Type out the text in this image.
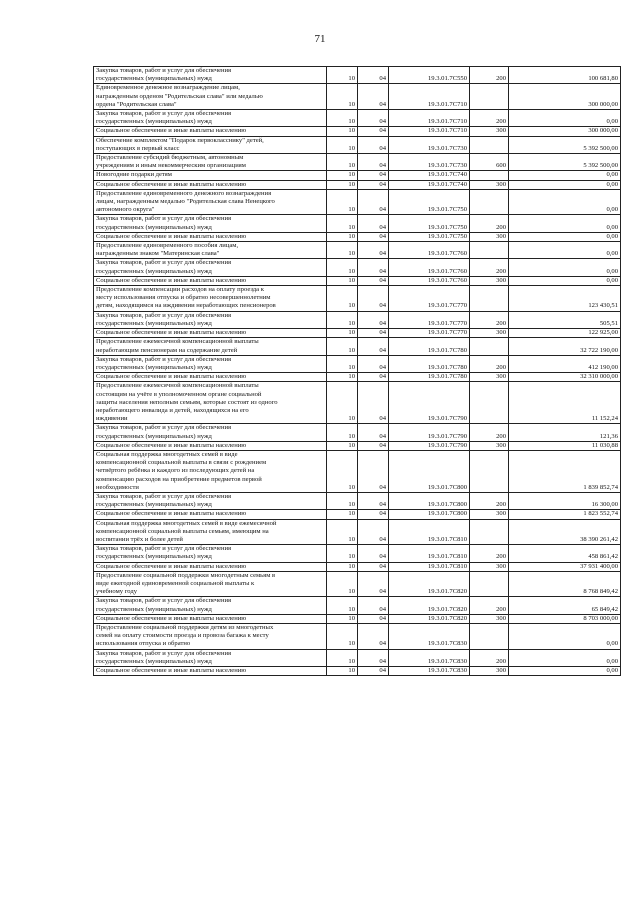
71
Закупка товаров, работ и услуг для обеспечения
государственных (муниципальных) нужд	10	04	19.3.01.7С550	200	100 681,80
Единовременное денежное вознаграждение лицам,
награжденным орденом "Родительская слава" или медалью
ордена "Родительская слава"	10	04	19.3.01.7С710		300 000,00
Закупка товаров, работ и услуг для обеспечения
государственных (муниципальных) нужд	10	04	19.3.01.7С710	200	0,00
Социальное обеспечение и иные выплаты населению	10	04	19.3.01.7С710	300	300 000,00
Обеспечение комплектом "Подарок первокласснику" детей,
поступающих в первый класс	10	04	19.3.01.7С730		5 392 500,00
Предоставление субсидий бюджетным, автономным
учреждениям и иным некоммерческим организациям	10	04	19.3.01.7С730	600	5 392 500,00
Новогодние подарки детям	10	04	19.3.01.7С740		0,00
Социальное обеспечение и иные выплаты населению	10	04	19.3.01.7С740	300	0,00
Предоставление единовременного денежного вознаграждения
лицам, награжденным медалью "Родительская слава Ненецкого
автономного округа"	10	04	19.3.01.7С750		0,00
Закупка товаров, работ и услуг для обеспечения
государственных (муниципальных) нужд	10	04	19.3.01.7С750	200	0,00
Социальное обеспечение и иные выплаты населению	10	04	19.3.01.7С750	300	0,00
Предоставление единовременного пособия лицам,
награжденным знаком "Материнская слава"	10	04	19.3.01.7С760		0,00
Закупка товаров, работ и услуг для обеспечения
государственных (муниципальных) нужд	10	04	19.3.01.7С760	200	0,00
Социальное обеспечение и иные выплаты населению	10	04	19.3.01.7С760	300	0,00
Предоставление компенсации расходов на оплату проезда к
месту использования отпуска и обратно несовершеннолетним
детям, находящимся на иждивении неработающих пенсионеров	10	04	19.3.01.7С770		123 430,51
Закупка товаров, работ и услуг для обеспечения
государственных (муниципальных) нужд	10	04	19.3.01.7С770	200	505,51
Социальное обеспечение и иные выплаты населению	10	04	19.3.01.7С770	300	122 925,00
Предоставление ежемесячной компенсационной выплаты
неработающим пенсионерам на содержание детей	10	04	19.3.01.7С780		32 722 190,00
Закупка товаров, работ и услуг для обеспечения
государственных (муниципальных) нужд	10	04	19.3.01.7С780	200	412 190,00
Социальное обеспечение и иные выплаты населению	10	04	19.3.01.7С780	300	32 310 000,00
Предоставление ежемесячной компенсационной выплаты
состоящим на учёте в уполномоченном органе социальной
защиты населения неполным семьям, которые состоят из одного
неработающего инвалида и детей, находящихся на его
иждивении	10	04	19.3.01.7С790		11 152,24
Закупка товаров, работ и услуг для обеспечения
государственных (муниципальных) нужд	10	04	19.3.01.7С790	200	121,36
Социальное обеспечение и иные выплаты населению	10	04	19.3.01.7С790	300	11 030,88
Социальная поддержка многодетных семей в виде
компенсационной социальной выплаты в связи с рождением
четвёртого ребёнка и каждого из последующих детей на
компенсацию расходов на приобретение предметов первой
необходимости	10	04	19.3.01.7С800		1 839 852,74
Закупка товаров, работ и услуг для обеспечения
государственных (муниципальных) нужд	10	04	19.3.01.7С800	200	16 300,00
Социальное обеспечение и иные выплаты населению	10	04	19.3.01.7С800	300	1 823 552,74
Социальная поддержка многодетных семей в виде ежемесячной
компенсационной социальной выплаты семьям, имеющим на
воспитании трёх и более детей	10	04	19.3.01.7С810		38 390 261,42
Закупка товаров, работ и услуг для обеспечения
государственных (муниципальных) нужд	10	04	19.3.01.7С810	200	458 861,42
Социальное обеспечение и иные выплаты населению	10	04	19.3.01.7С810	300	37 931 400,00
Предоставление социальной поддержки многодетным семьям в
виде ежегодной единовременной социальной выплаты к
учебному году	10	04	19.3.01.7С820		8 768 849,42
Закупка товаров, работ и услуг для обеспечения
государственных (муниципальных) нужд	10	04	19.3.01.7С820	200	65 849,42
Социальное обеспечение и иные выплаты населению	10	04	19.3.01.7С820	300	8 703 000,00
Предоставление социальной поддержки детям из многодетных
семей на оплату стоимости проезда и провоза багажа к месту
использования отпуска и обратно	10	04	19.3.01.7С830		0,00
Закупка товаров, работ и услуг для обеспечения
государственных (муниципальных) нужд	10	04	19.3.01.7С830	200	0,00
Социальное обеспечение и иные выплаты населению	10	04	19.3.01.7С830	300	0,00
